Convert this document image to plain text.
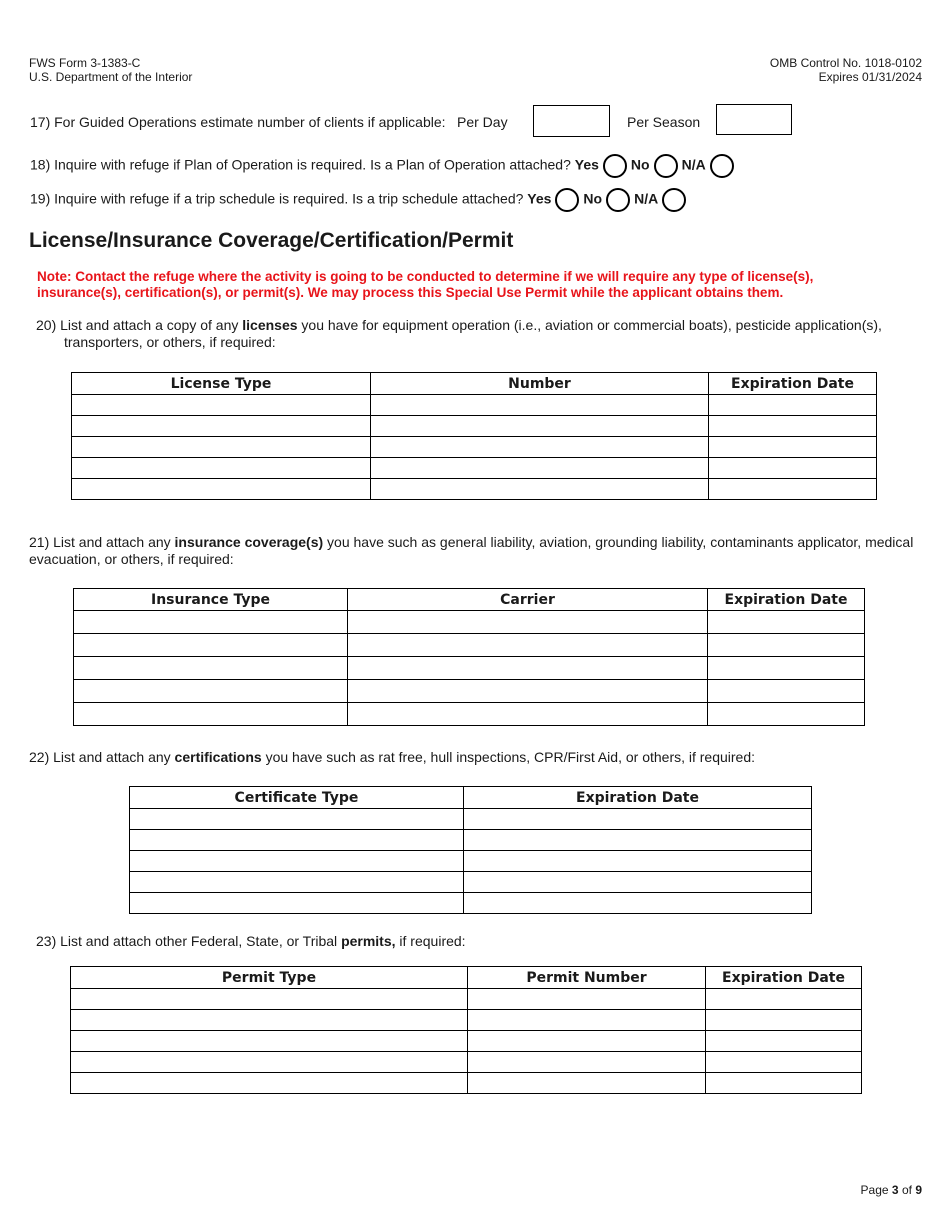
FWS Form 3-1383-C
U.S. Department of the Interior
OMB Control No. 1018-0102
Expires 01/31/2024
17) For Guided Operations estimate number of clients if applicable: Per Day	Per Season
18) Inquire with refuge if Plan of Operation is required. Is a Plan of Operation attached? Yes No N/A
19) Inquire with refuge if a trip schedule is required. Is a trip schedule attached? Yes No N/A
License/Insurance Coverage/Certification/Permit
Note: Contact the refuge where the activity is going to be conducted to determine if we will require any type of license(s), insurance(s), certification(s), or permit(s). We may process this Special Use Permit while the applicant obtains them.
20) List and attach a copy of any licenses you have for equipment operation (i.e., aviation or commercial boats), pesticide application(s), transporters, or others, if required:
License Type	Number	Expiration Date

21) List and attach any insurance coverage(s) you have such as general liability, aviation, grounding liability, contaminants applicator, medical evacuation, or others, if required:
Insurance Type	Carrier	Expiration Date

22) List and attach any certifications you have such as rat free, hull inspections, CPR/First Aid, or others, if required:
Certificate Type	Expiration Date

23) List and attach other Federal, State, or Tribal permits, if required:
Permit Type	Permit Number	Expiration Date

Page 3 of 9
